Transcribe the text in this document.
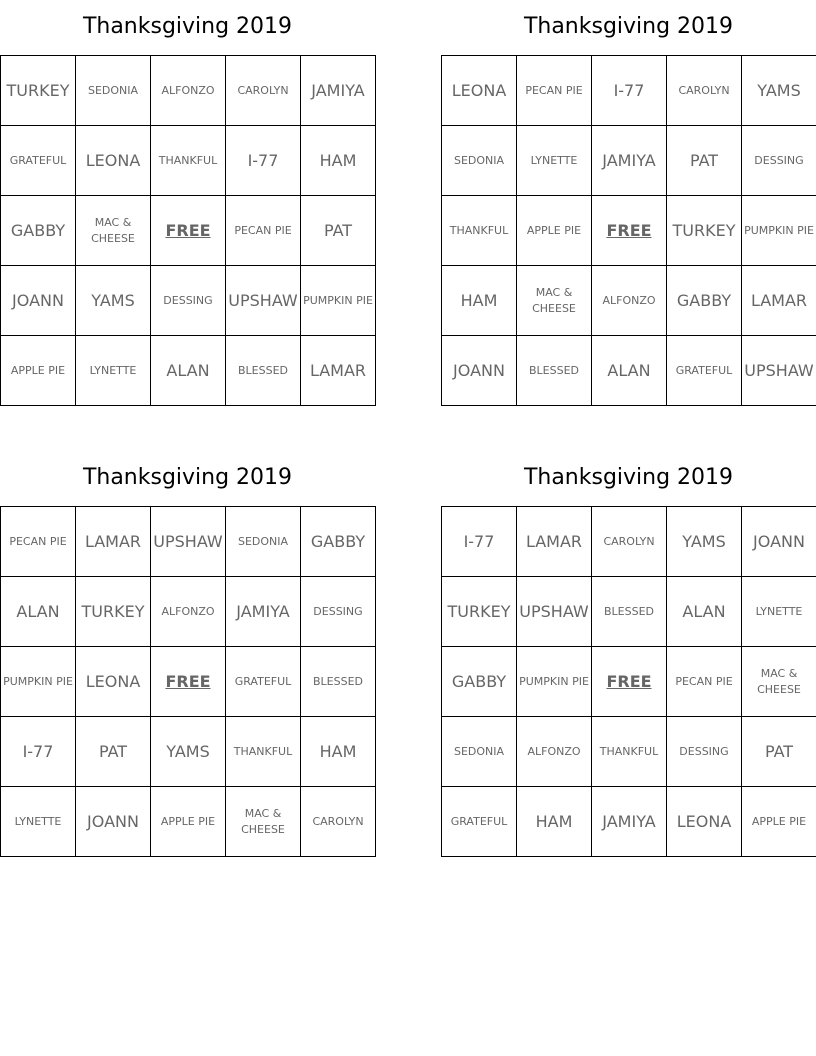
Thanksgiving 2019
TURKEY	SEDONIA	ALFONZO	CAROLYN	JAMIYA
GRATEFUL	LEONA	THANKFUL	I-77	HAM
GABBY	MAC & CHEESE	FREE	PECAN PIE	PAT
JOANN	YAMS	DESSING	UPSHAW	PUMPKIN PIE
APPLE PIE	LYNETTE	ALAN	BLESSED	LAMAR
Thanksgiving 2019
LEONA	PECAN PIE	I-77	CAROLYN	YAMS
SEDONIA	LYNETTE	JAMIYA	PAT	DESSING
THANKFUL	APPLE PIE	FREE	TURKEY	PUMPKIN PIE
HAM	MAC & CHEESE	ALFONZO	GABBY	LAMAR
JOANN	BLESSED	ALAN	GRATEFUL	UPSHAW
Thanksgiving 2019
PECAN PIE	LAMAR	UPSHAW	SEDONIA	GABBY
ALAN	TURKEY	ALFONZO	JAMIYA	DESSING
PUMPKIN PIE	LEONA	FREE	GRATEFUL	BLESSED
I-77	PAT	YAMS	THANKFUL	HAM
LYNETTE	JOANN	APPLE PIE	MAC & CHEESE	CAROLYN
Thanksgiving 2019
I-77	LAMAR	CAROLYN	YAMS	JOANN
TURKEY	UPSHAW	BLESSED	ALAN	LYNETTE
GABBY	PUMPKIN PIE	FREE	PECAN PIE	MAC & CHEESE
SEDONIA	ALFONZO	THANKFUL	DESSING	PAT
GRATEFUL	HAM	JAMIYA	LEONA	APPLE PIE
